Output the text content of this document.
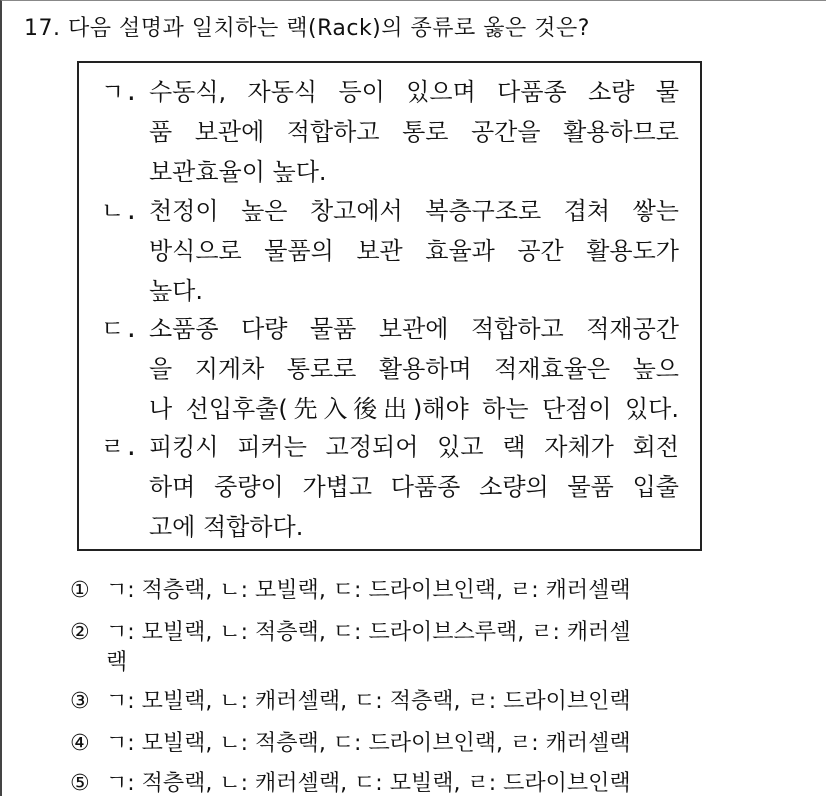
17. 다음 설명과 일치하는 랙(Rack)의 종류로 옳은 것은?
ㄱ. 수동식, 자동식 등이 있으며 다품종 소량 물
품 보관에 적합하고 통로 공간을 활용하므로
보관효율이 높다.
ㄴ. 천정이 높은 창고에서 복층구조로 겹쳐 쌓는
방식으로 물품의 보관 효율과 공간 활용도가
높다.
ㄷ. 소품종 다량 물품 보관에 적합하고 적재공간
을 지게차 통로로 활용하며 적재효율은 높으
나 선입후출(先入後出)해야 하는 단점이 있다.
ㄹ. 피킹시 피커는 고정되어 있고 랙 자체가 회전
하며 중량이 가볍고 다품종 소량의 물품 입출
고에 적합하다.
① ㄱ: 적층랙, ㄴ: 모빌랙, ㄷ: 드라이브인랙, ㄹ: 캐러셀랙
② ㄱ: 모빌랙, ㄴ: 적층랙, ㄷ: 드라이브스루랙, ㄹ: 캐러셀
랙
③ ㄱ: 모빌랙, ㄴ: 캐러셀랙, ㄷ: 적층랙, ㄹ: 드라이브인랙
④ ㄱ: 모빌랙, ㄴ: 적층랙, ㄷ: 드라이브인랙, ㄹ: 캐러셀랙
⑤ ㄱ: 적층랙, ㄴ: 캐러셀랙, ㄷ: 모빌랙, ㄹ: 드라이브인랙
